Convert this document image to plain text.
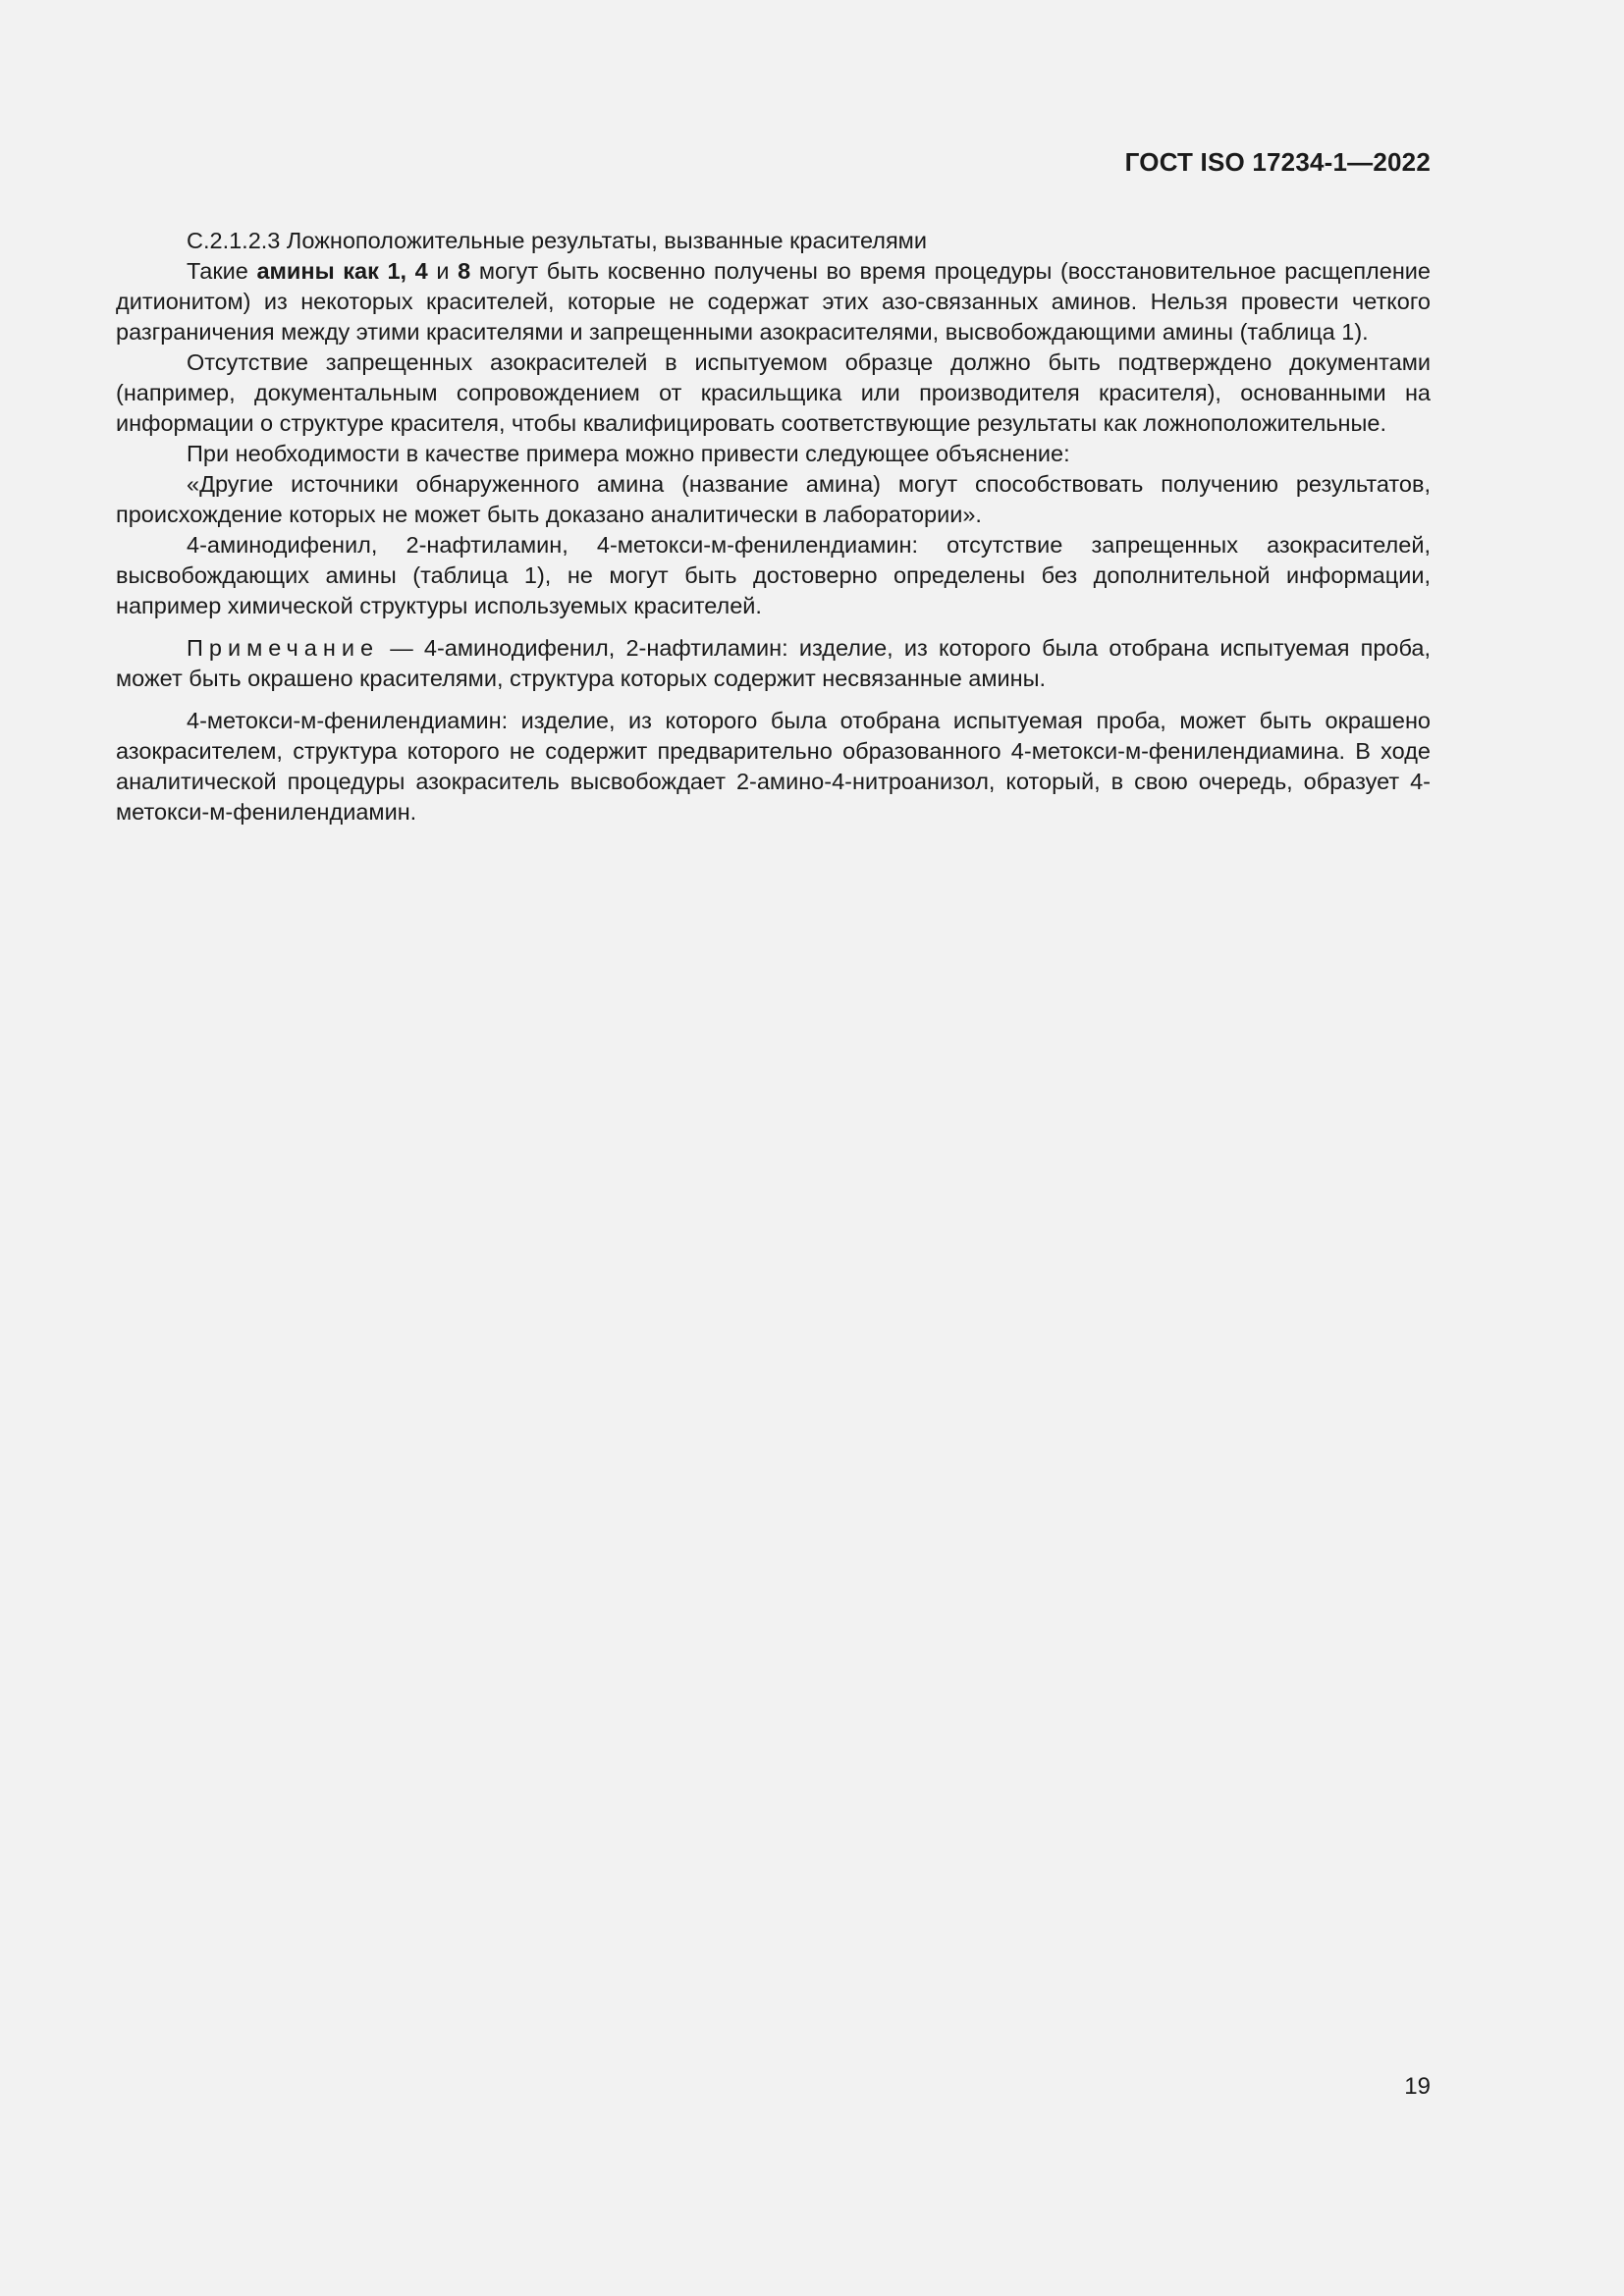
ГОСТ ISO 17234-1—2022

С.2.1.2.3 Ложноположительные результаты, вызванные красителями

Такие амины как 1, 4 и 8 могут быть косвенно получены во время процедуры (восстановительное расщепление дитионитом) из некоторых красителей, которые не содержат этих азо-связанных аминов. Нельзя провести четкого разграничения между этими красителями и запрещенными азокрасителями, высвобождающими амины (таблица 1).

Отсутствие запрещенных азокрасителей в испытуемом образце должно быть подтверждено документами (например, документальным сопровождением от красильщика или производителя красителя), основанными на информации о структуре красителя, чтобы квалифицировать соответствующие результаты как ложноположительные.

При необходимости в качестве примера можно привести следующее объяснение:

«Другие источники обнаруженного амина (название амина) могут способствовать получению результатов, происхождение которых не может быть доказано аналитически в лаборатории».

4-аминодифенил, 2-нафтиламин, 4-метокси-м-фенилендиамин: отсутствие запрещенных азокрасителей, высвобождающих амины (таблица 1), не могут быть достоверно определены без дополнительной информации, например химической структуры используемых красителей.

Примечание — 4-аминодифенил, 2-нафтиламин: изделие, из которого была отобрана испытуемая проба, может быть окрашено красителями, структура которых содержит несвязанные амины.

4-метокси-м-фенилендиамин: изделие, из которого была отобрана испытуемая проба, может быть окрашено азокрасителем, структура которого не содержит предварительно образованного 4-метокси-м-фенилендиамина. В ходе аналитической процедуры азокраситель высвобождает 2-амино-4-нитроанизол, который, в свою очередь, образует 4-метокси-м-фенилендиамин.

19
